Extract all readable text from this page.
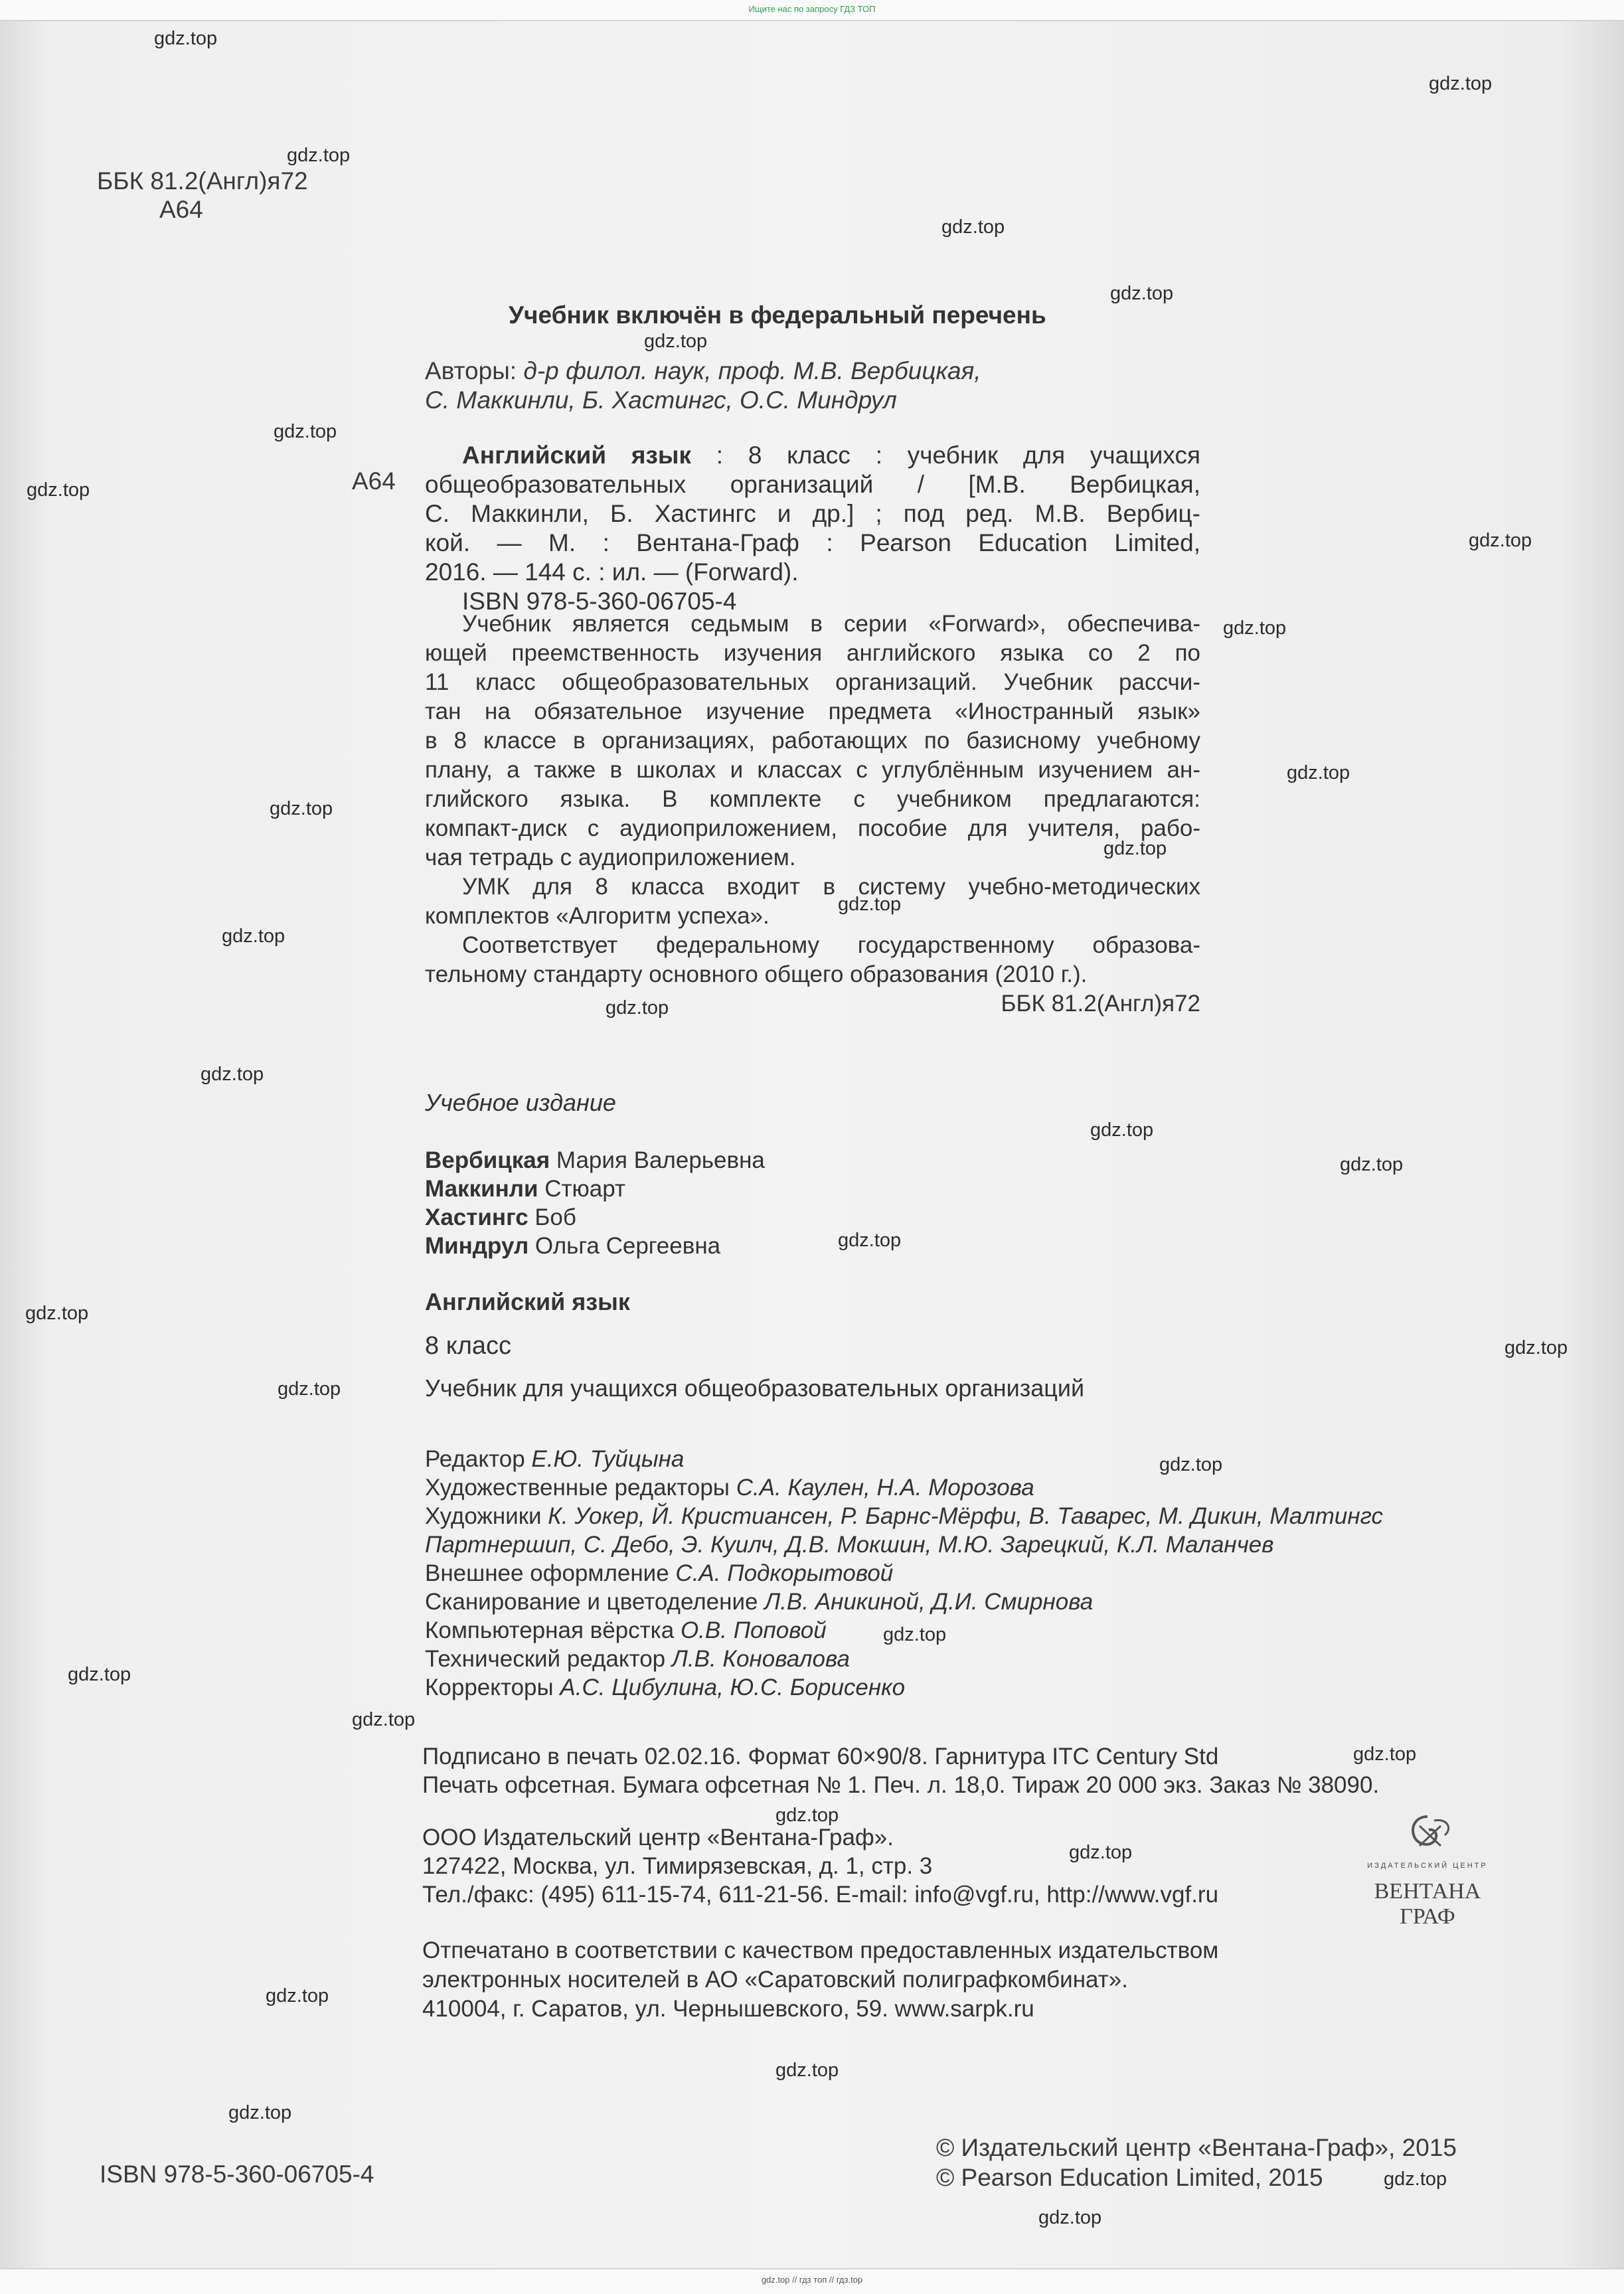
Ищите нас по запросу ГДЗ ТОП
ББК 81.2(Англ)я72
А64
Учебник включён в федеральный перечень
Авторы: д-р филол. наук, проф. М.В. Вербицкая,
С. Маккинли, Б. Хастингс, О.С. Миндрул
А64
Английский язык : 8 класс : учебник для учащихся
общеобразовательных организаций / [М.В. Вербицкая,
С. Маккинли, Б. Хастингс и др.] ; под ред. М.В. Вербиц-
кой. — М. : Вентана-Граф : Pearson Education Limited,
2016. — 144 с. : ил. — (Forward).
ISBN 978-5-360-06705-4
Учебник является седьмым в серии «Forward», обеспечива-
ющей преемственность изучения английского языка со 2 по
11 класс общеобразовательных организаций. Учебник рассчи-
тан на обязательное изучение предмета «Иностранный язык»
в 8 классе в организациях, работающих по базисному учебному
плану, а также в школах и классах с углублённым изучением ан-
глийского языка. В комплекте с учебником предлагаются:
компакт-диск с аудиоприложением, пособие для учителя, рабо-
чая тетрадь с аудиоприложением.
УМК для 8 класса входит в систему учебно-методических
комплектов «Алгоритм успеха».
Соответствует федеральному государственному образова-
тельному стандарту основного общего образования (2010 г.).
ББК 81.2(Англ)я72
Учебное издание
Вербицкая Мария Валерьевна
Маккинли Стюарт
Хастингс Боб
Миндрул Ольга Сергеевна
Английский язык
8 класс
Учебник для учащихся общеобразовательных организаций
Редактор Е.Ю. Туйцына
Художественные редакторы С.А. Каулен, Н.А. Морозова
Художники К. Уокер, Й. Кристиансен, Р. Барнс-Мёрфи, В. Таварес, М. Дикин, Малтингс
Партнершип, С. Дебо, Э. Куилч, Д.В. Мокшин, М.Ю. Зарецкий, К.Л. Маланчев
Внешнее оформление С.А. Подкорытовой
Сканирование и цветоделение Л.В. Аникиной, Д.И. Смирнова
Компьютерная вёрстка О.В. Поповой
Технический редактор Л.В. Коновалова
Корректоры А.С. Цибулина, Ю.С. Борисенко
Подписано в печать 02.02.16. Формат 60×90/8. Гарнитура ITC Century Std
Печать офсетная. Бумага офсетная № 1. Печ. л. 18,0. Тираж 20 000 экз. Заказ № 38090.
ООО Издательский центр «Вентана-Граф».
127422, Москва, ул. Тимирязевская, д. 1, стр. 3
Тел./факс: (495) 611-15-74, 611-21-56. E-mail: info@vgf.ru, http://www.vgf.ru
ИЗДАТЕЛЬСКИЙ ЦЕНТР
ВЕНТАНА
ГРАФ
Отпечатано в соответствии с качеством предоставленных издательством
электронных носителей в АО «Саратовский полиграфкомбинат».
410004, г. Саратов, ул. Чернышевского, 59. www.sarpk.ru
ISBN 978-5-360-06705-4
© Издательский центр «Вентана-Граф», 2015
© Pearson Education Limited, 2015
gdz.top
gdz.top
gdz.top
gdz.top
gdz.top
gdz.top
gdz.top
gdz.top
gdz.top
gdz.top
gdz.top
gdz.top
gdz.top
gdz.top
gdz.top
gdz.top
gdz.top
gdz.top
gdz.top
gdz.top
gdz.top
gdz.top
gdz.top
gdz.top
gdz.top
gdz.top
gdz.top
gdz.top
gdz.top
gdz.top
gdz.top
gdz.top
gdz.top
gdz.top
gdz.top
gdz.top // гдз топ // гдз.top
